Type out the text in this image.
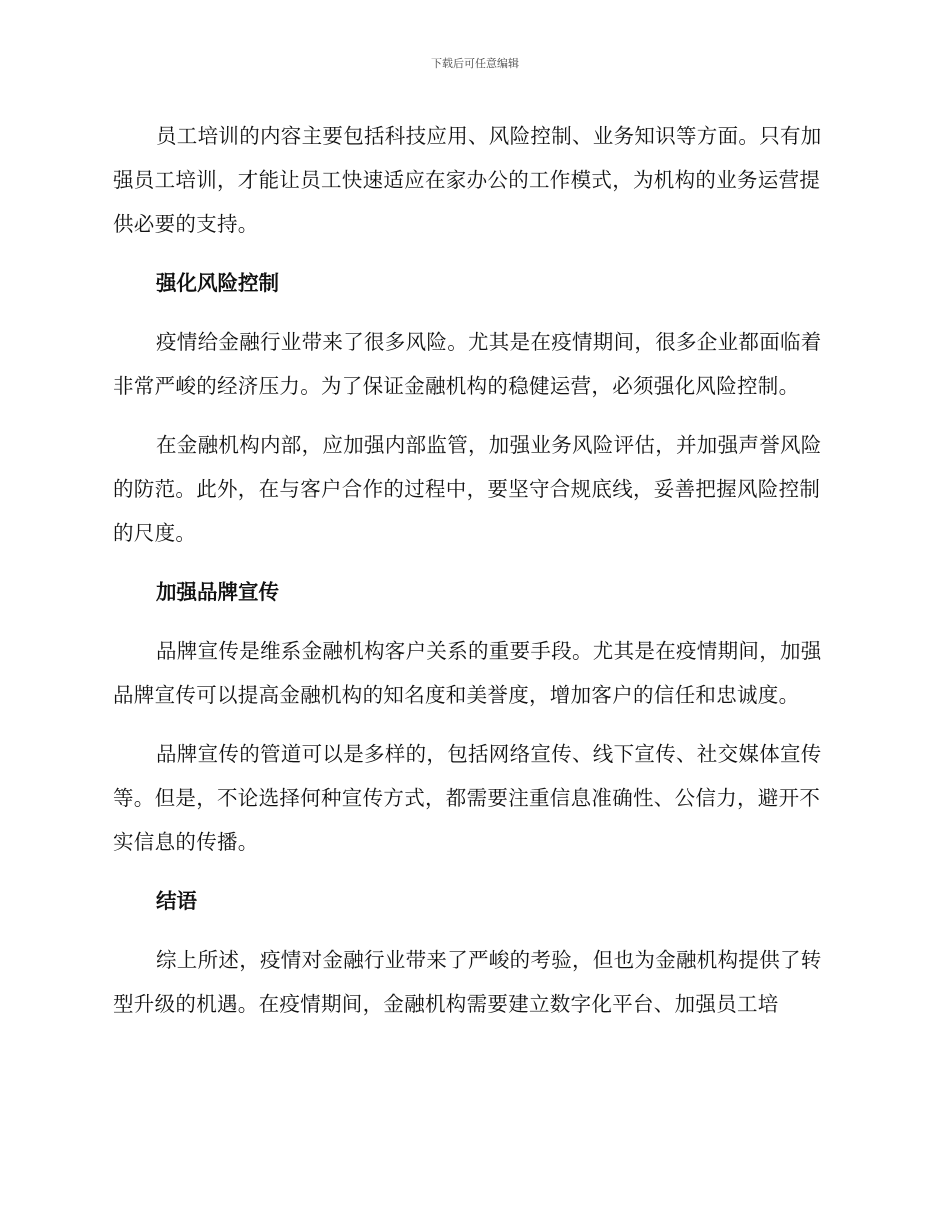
下载后可任意编辑

员工培训的内容主要包括科技应用、风险控制、业务知识等方面。只有加强员工培训，才能让员工快速适应在家办公的工作模式，为机构的业务运营提供必要的支持。

强化风险控制

疫情给金融行业带来了很多风险。尤其是在疫情期间，很多企业都面临着非常严峻的经济压力。为了保证金融机构的稳健运营，必须强化风险控制。

在金融机构内部，应加强内部监管，加强业务风险评估，并加强声誉风险的防范。此外，在与客户合作的过程中，要坚守合规底线，妥善把握风险控制的尺度。

加强品牌宣传

品牌宣传是维系金融机构客户关系的重要手段。尤其是在疫情期间，加强品牌宣传可以提高金融机构的知名度和美誉度，增加客户的信任和忠诚度。

品牌宣传的管道可以是多样的，包括网络宣传、线下宣传、社交媒体宣传等。但是，不论选择何种宣传方式，都需要注重信息准确性、公信力，避开不实信息的传播。

结语

综上所述，疫情对金融行业带来了严峻的考验，但也为金融机构提供了转型升级的机遇。在疫情期间，金融机构需要建立数字化平台、加强员工培
